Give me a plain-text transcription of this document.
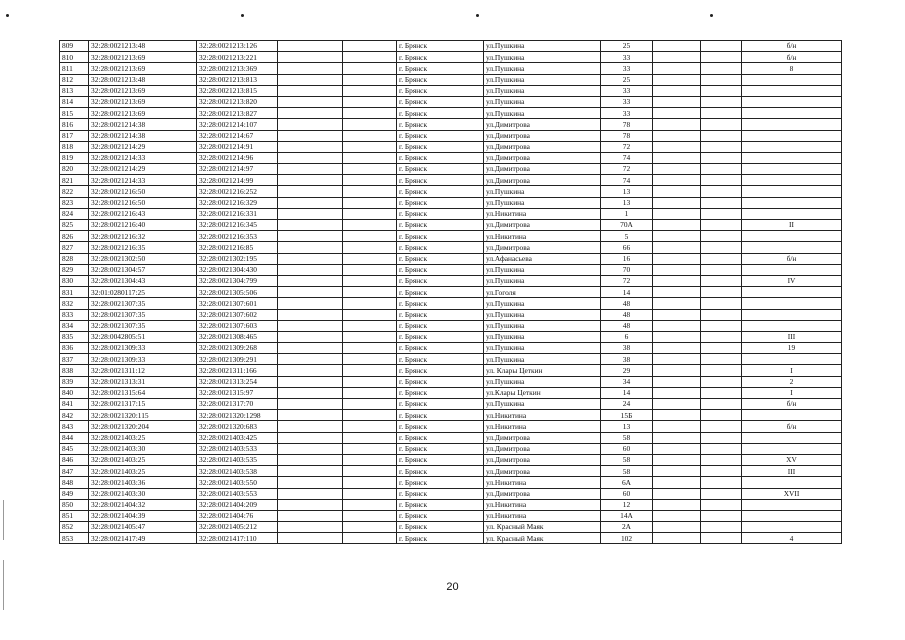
809	32:28:0021213:48	32:28:0021213:126			г. Брянск	ул.Пушкина	25			б/н
810	32:28:0021213:69	32:28:0021213:221			г. Брянск	ул.Пушкина	33			б/н
811	32:28:0021213:69	32:28:0021213:369			г. Брянск	ул.Пушкина	33			8
812	32:28:0021213:48	32:28:0021213:813			г. Брянск	ул.Пушкина	25			
813	32:28:0021213:69	32:28:0021213:815			г. Брянск	ул.Пушкина	33			
814	32:28:0021213:69	32:28:0021213:820			г. Брянск	ул.Пушкина	33			
815	32:28:0021213:69	32:28:0021213:827			г. Брянск	ул.Пушкина	33			
816	32:28:0021214:38	32:28:0021214:107			г. Брянск	ул.Димитрова	78			
817	32:28:0021214:38	32:28:0021214:67			г. Брянск	ул.Димитрова	78			
818	32:28:0021214:29	32:28:0021214:91			г. Брянск	ул.Димитрова	72			
819	32:28:0021214:33	32:28:0021214:96			г. Брянск	ул.Димитрова	74			
820	32:28:0021214:29	32:28:0021214:97			г. Брянск	ул.Димитрова	72			
821	32:28:0021214:33	32:28:0021214:99			г. Брянск	ул.Димитрова	74			
822	32:28:0021216:50	32:28:0021216:252			г. Брянск	ул.Пушкина	13			
823	32:28:0021216:50	32:28:0021216:329			г. Брянск	ул.Пушкина	13			
824	32:28:0021216:43	32:28:0021216:331			г. Брянск	ул.Никитина	1			
825	32:28:0021216:40	32:28:0021216:345			г. Брянск	ул.Димитрова	70А			II
826	32:28:0021216:32	32:28:0021216:353			г. Брянск	ул.Никитина	5			
827	32:28:0021216:35	32:28:0021216:85			г. Брянск	ул.Димитрова	66			
828	32:28:0021302:50	32:28:0021302:195			г. Брянск	ул.Афанасьева	16			б/н
829	32:28:0021304:57	32:28:0021304:430			г. Брянск	ул.Пушкина	70			
830	32:28:0021304:43	32:28:0021304:799			г. Брянск	ул.Пушкина	72			IV
831	32:01:0280117:25	32:28:0021305:506			г. Брянск	ул.Гоголя	14			
832	32:28:0021307:35	32:28:0021307:601			г. Брянск	ул.Пушкина	48			
833	32:28:0021307:35	32:28:0021307:602			г. Брянск	ул.Пушкина	48			
834	32:28:0021307:35	32:28:0021307:603			г. Брянск	ул.Пушкина	48			
835	32:28:0042805:51	32:28:0021308:465			г. Брянск	ул.Пушкина	6			III
836	32:28:0021309:33	32:28:0021309:268			г. Брянск	ул.Пушкина	38			19
837	32:28:0021309:33	32:28:0021309:291			г. Брянск	ул.Пушкина	38			
838	32:28:0021311:12	32:28:0021311:166			г. Брянск	ул. Клары Цеткин	29			I
839	32:28:0021313:31	32:28:0021313:254			г. Брянск	ул.Пушкина	34			2
840	32:28:0021315:64	32:28:0021315:97			г. Брянск	ул.Клары Цеткин	14			I
841	32:28:0021317:15	32:28:0021317:70			г. Брянск	ул.Пушкина	24			б/н
842	32:28:0021320:115	32:28:0021320:1298			г. Брянск	ул.Никитина	15Б			
843	32:28:0021320:204	32:28:0021320:683			г. Брянск	ул.Никитина	13			б/н
844	32:28:0021403:25	32:28:0021403:425			г. Брянск	ул.Димитрова	58			
845	32:28:0021403:30	32:28:0021403:533			г. Брянск	ул.Димитрова	60			
846	32:28:0021403:25	32:28:0021403:535			г. Брянск	ул.Димитрова	58			XV
847	32:28:0021403:25	32:28:0021403:538			г. Брянск	ул.Димитрова	58			III
848	32:28:0021403:36	32:28:0021403:550			г. Брянск	ул.Никитина	6А			
849	32:28:0021403:30	32:28:0021403:553			г. Брянск	ул.Димитрова	60			XVII
850	32:28:0021404:32	32:28:0021404:209			г. Брянск	ул.Никитина	12			
851	32:28:0021404:39	32:28:0021404:76			г. Брянск	ул.Никитина	14А			
852	32:28:0021405:47	32:28:0021405:212			г. Брянск	ул. Красный Маяк	2А			
853	32:28:0021417:49	32:28:0021417:110			г. Брянск	ул. Красный Маяк	102			4
20
